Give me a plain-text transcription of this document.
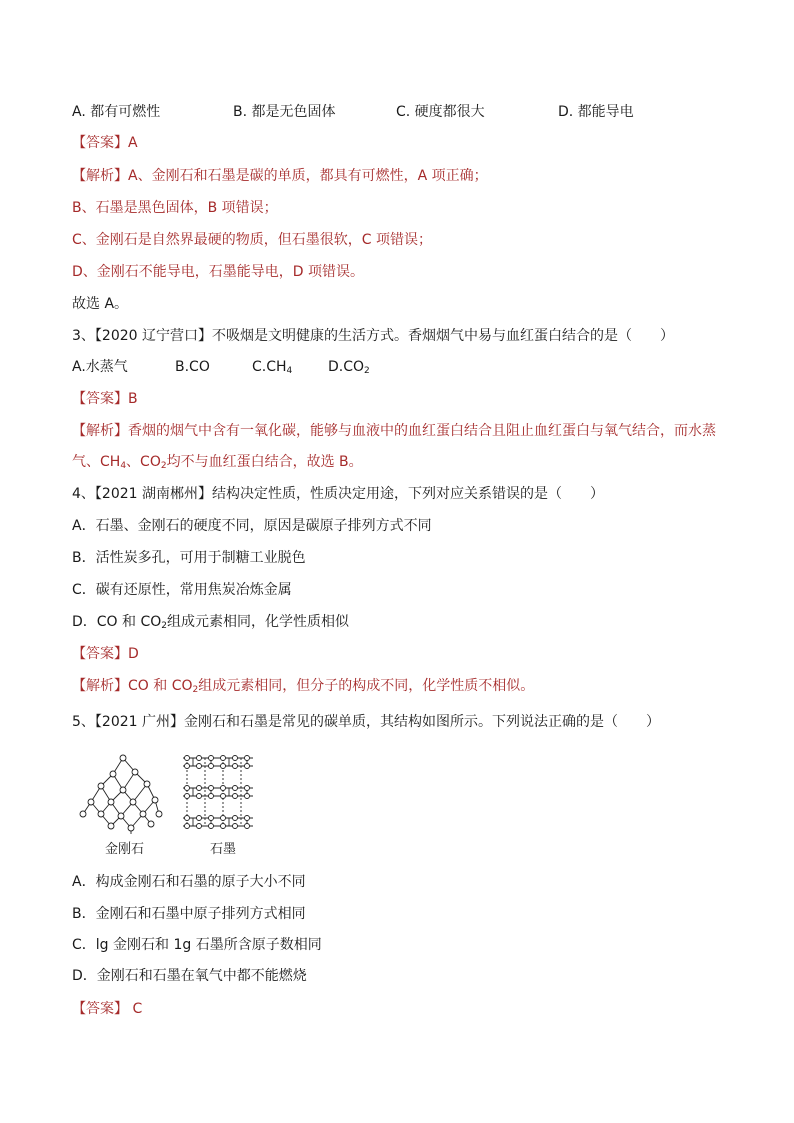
A. 都有可燃性	B. 都是无色固体	C. 硬度都很大	D. 都能导电
【答案】A
【解析】A、金刚石和石墨是碳的单质，都具有可燃性，A 项正确；
B、石墨是黑色固体，B 项错误；
C、金刚石是自然界最硬的物质，但石墨很软，C 项错误；
D、金刚石不能导电，石墨能导电，D 项错误。
故选 A。
3、【2020 辽宁营口】不吸烟是文明健康的生活方式。香烟烟气中易与血红蛋白结合的是（　　）
A.水蒸气	B.CO	$C.CH_4$	$D.CO_2$
【答案】B
【解析】香烟的烟气中含有一氧化碳，能够与血液中的血红蛋白结合且阻止血红蛋白与氧气结合，而水蒸
气、$CH_4$、$CO_2$均不与血红蛋白结合，故选 B。
4、【2021 湖南郴州】结构决定性质，性质决定用途，下列对应关系错误的是（　　）
A．石墨、金刚石的硬度不同，原因是碳原子排列方式不同
B．活性炭多孔，可用于制糖工业脱色
C．碳有还原性，常用焦炭冶炼金属
D．CO 和 $CO_2$组成元素相同，化学性质相似
【答案】D
【解析】CO 和 $CO_2$组成元素相同，但分子的构成不同，化学性质不相似。
5、【2021 广州】金刚石和石墨是常见的碳单质，其结构如图所示。下列说法正确的是（　　）
金刚石	石墨
A．构成金刚石和石墨的原子大小不同
B．金刚石和石墨中原子排列方式相同
C．lg 金刚石和 1g 石墨所含原子数相同
D．金刚石和石墨在氧气中都不能燃烧
【答案】 C
